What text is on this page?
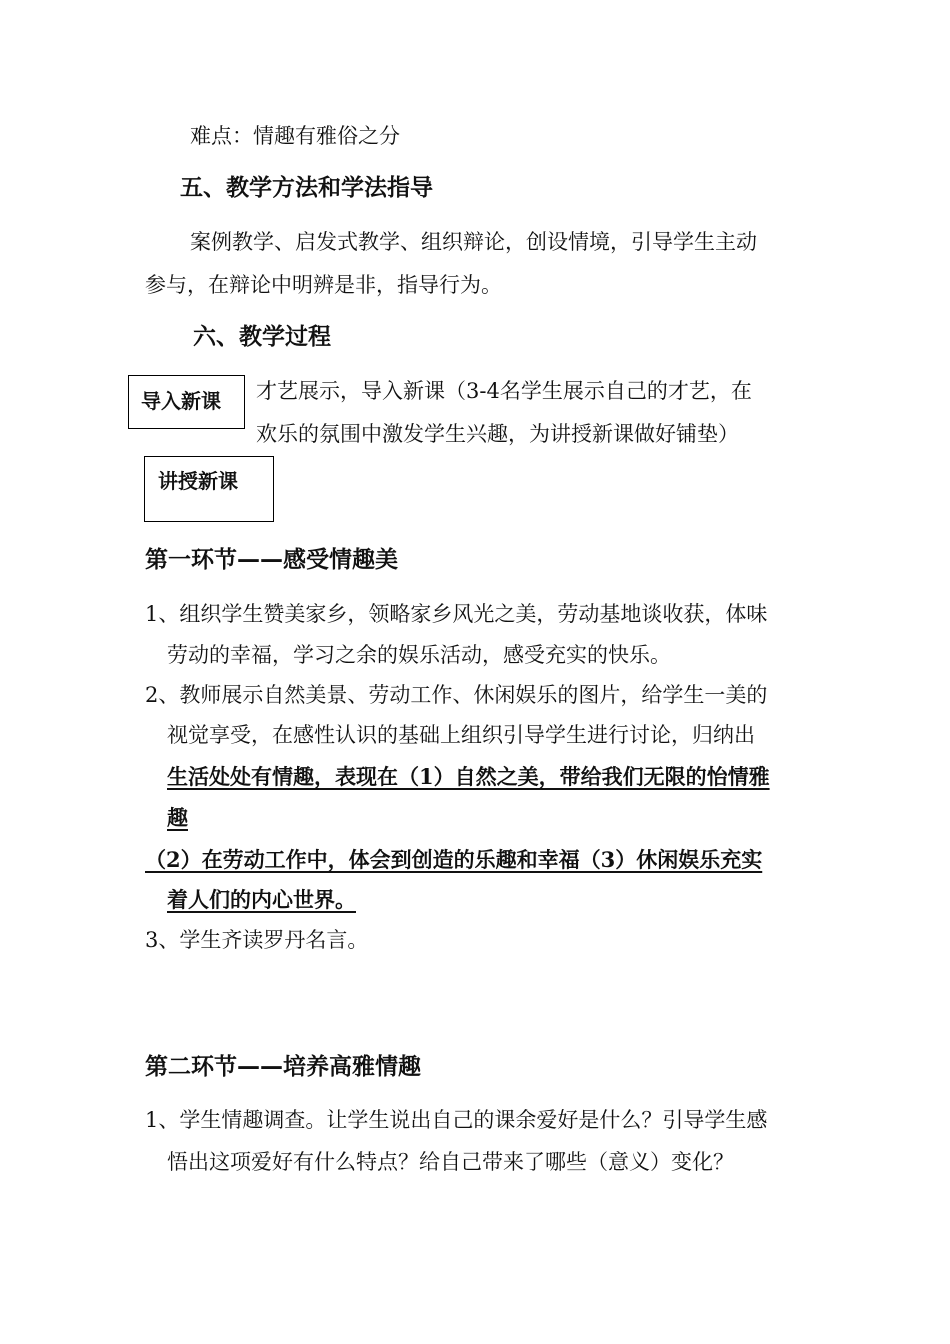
难点：情趣有雅俗之分
五、教学方法和学法指导
案例教学、启发式教学、组织辩论，创设情境，引导学生主动
参与，在辩论中明辨是非，指导行为。
六、教学过程
导入新课 才艺展示，导入新课（3-4名学生展示自己的才艺，在
欢乐的氛围中激发学生兴趣，为讲授新课做好铺垫）
讲授新课
第一环节——感受情趣美
1、组织学生赞美家乡，领略家乡风光之美，劳动基地谈收获，体味
劳动的幸福，学习之余的娱乐活动，感受充实的快乐。
2、教师展示自然美景、劳动工作、休闲娱乐的图片，给学生一美的
视觉享受，在感性认识的基础上组织引导学生进行讨论，归纳出
生活处处有情趣，表现在（1）自然之美，带给我们无限的怡情雅
趣
（2）在劳动工作中，体会到创造的乐趣和幸福（3）休闲娱乐充实
着人们的内心世界。
3、学生齐读罗丹名言。
第二环节——培养高雅情趣
1、学生情趣调查。让学生说出自己的课余爱好是什么？引导学生感
悟出这项爱好有什么特点？给自己带来了哪些（意义）变化？
